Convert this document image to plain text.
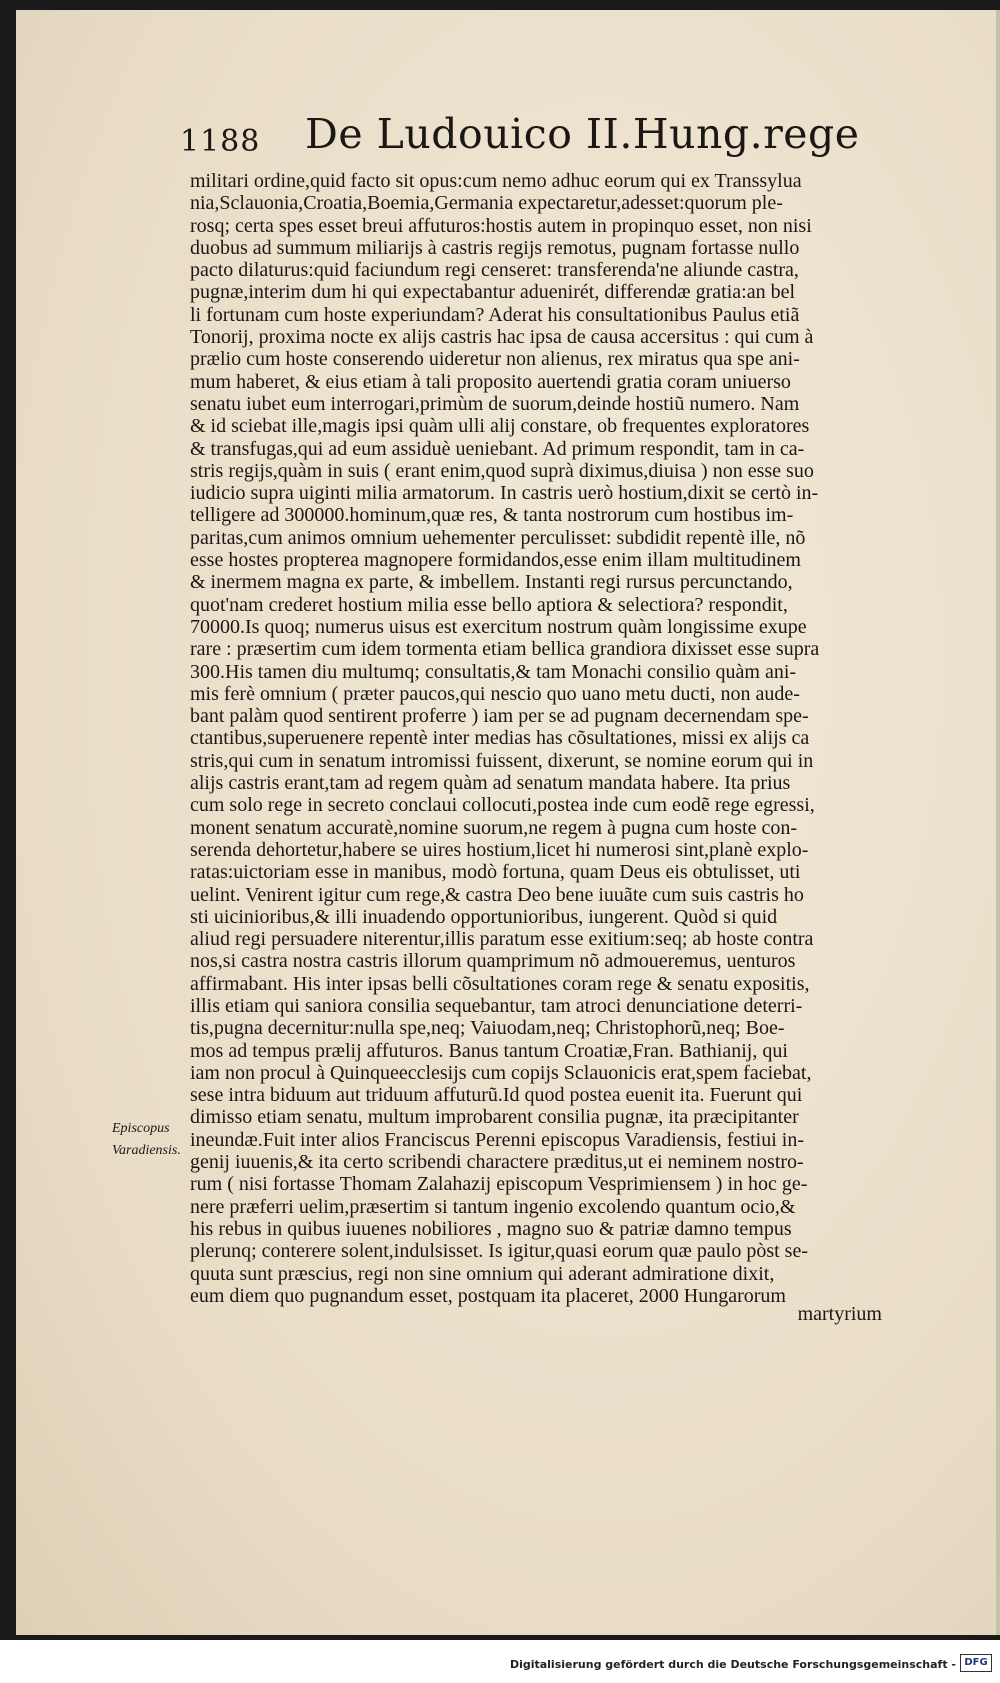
1188 De Ludouico II.Hung.rege
militari ordine,quid facto sit opus:cum nemo adhuc eorum qui ex Transsylua
nia,Sclauonia,Croatia,Boemia,Germania expectaretur,adesset:quorum ple-
rosq; certa spes esset breui affuturos:hostis autem in propinquo esset, non nisi
duobus ad summum miliarijs à castris regijs remotus, pugnam fortasse nullo
pacto dilaturus:quid faciundum regi censeret: transferenda'ne aliunde castra,
pugnæ,interim dum hi qui expectabantur aduenirét, differendæ gratia:an bel
li fortunam cum hoste experiundam? Aderat his consultationibus Paulus etiã
Tonorij, proxima nocte ex alijs castris hac ipsa de causa accersitus : qui cum à
prælio cum hoste conserendo uideretur non alienus, rex miratus qua spe ani-
mum haberet, & eius etiam à tali proposito auertendi gratia coram uniuerso
senatu iubet eum interrogari,primùm de suorum,deinde hostiũ numero. Nam
& id sciebat ille,magis ipsi quàm ulli alij constare, ob frequentes exploratores
& transfugas,qui ad eum assiduè ueniebant. Ad primum respondit, tam in ca-
stris regijs,quàm in suis ( erant enim,quod suprà diximus,diuisa ) non esse suo
iudicio supra uiginti milia armatorum. In castris uerò hostium,dixit se certò in-
telligere ad 300000.hominum,quæ res, & tanta nostrorum cum hostibus im-
paritas,cum animos omnium uehementer perculisset: subdidit repentè ille, nõ
esse hostes propterea magnopere formidandos,esse enim illam multitudinem
& inermem magna ex parte, & imbellem. Instanti regi rursus percunctando,
quot'nam crederet hostium milia esse bello aptiora & selectiora? respondit,
70000.Is quoq; numerus uisus est exercitum nostrum quàm longissime exupe
rare : præsertim cum idem tormenta etiam bellica grandiora dixisset esse supra
300.His tamen diu multumq; consultatis,& tam Monachi consilio quàm ani-
mis ferè omnium ( præter paucos,qui nescio quo uano metu ducti, non aude-
bant palàm quod sentirent proferre ) iam per se ad pugnam decernendam spe-
ctantibus,superuenere repentè inter medias has cõsultationes, missi ex alijs ca
stris,qui cum in senatum intromissi fuissent, dixerunt, se nomine eorum qui in
alijs castris erant,tam ad regem quàm ad senatum mandata habere. Ita prius
cum solo rege in secreto conclaui collocuti,postea inde cum eodẽ rege egressi,
monent senatum accuratè,nomine suorum,ne regem à pugna cum hoste con-
serenda dehortetur,habere se uires hostium,licet hi numerosi sint,planè explo-
ratas:uictoriam esse in manibus, modò fortuna, quam Deus eis obtulisset, uti
uelint. Venirent igitur cum rege,& castra Deo bene iuuãte cum suis castris ho
sti uicinioribus,& illi inuadendo opportunioribus, iungerent. Quòd si quid
aliud regi persuadere niterentur,illis paratum esse exitium:seq; ab hoste contra
nos,si castra nostra castris illorum quamprimum nõ admoueremus, uenturos
affirmabant. His inter ipsas belli cõsultationes coram rege & senatu expositis,
illis etiam qui saniora consilia sequebantur, tam atroci denunciatione deterri-
tis,pugna decernitur:nulla spe,neq; Vaiuodam,neq; Christophorũ,neq; Boe-
mos ad tempus prælij affuturos. Banus tantum Croatiæ,Fran. Bathianij, qui
iam non procul à Quinqueecclesijs cum copijs Sclauonicis erat,spem faciebat,
sese intra biduum aut triduum affuturũ.Id quod postea euenit ita. Fuerunt qui
dimisso etiam senatu, multum improbarent consilia pugnæ, ita præcipitanter
ineundæ.Fuit inter alios Franciscus Perenni episcopus Varadiensis, festiui in-
genij iuuenis,& ita certo scribendi charactere præditus,ut ei neminem nostro-
rum ( nisi fortasse Thomam Zalahazij episcopum Vesprimiensem ) in hoc ge-
nere præferri uelim,præsertim si tantum ingenio excolendo quantum ocio,&
his rebus in quibus iuuenes nobiliores , magno suo & patriæ damno tempus
plerunq; conterere solent,indulsisset. Is igitur,quasi eorum quæ paulo pòst se-
quuta sunt præscius, regi non sine omnium qui aderant admiratione dixit,
eum diem quo pugnandum esset, postquam ita placeret, 2000 Hungarorum
Episcopus
Varadiensis.
martyrium
Digitalisierung gefördert durch die Deutsche Forschungsgemeinschaft - DFG
